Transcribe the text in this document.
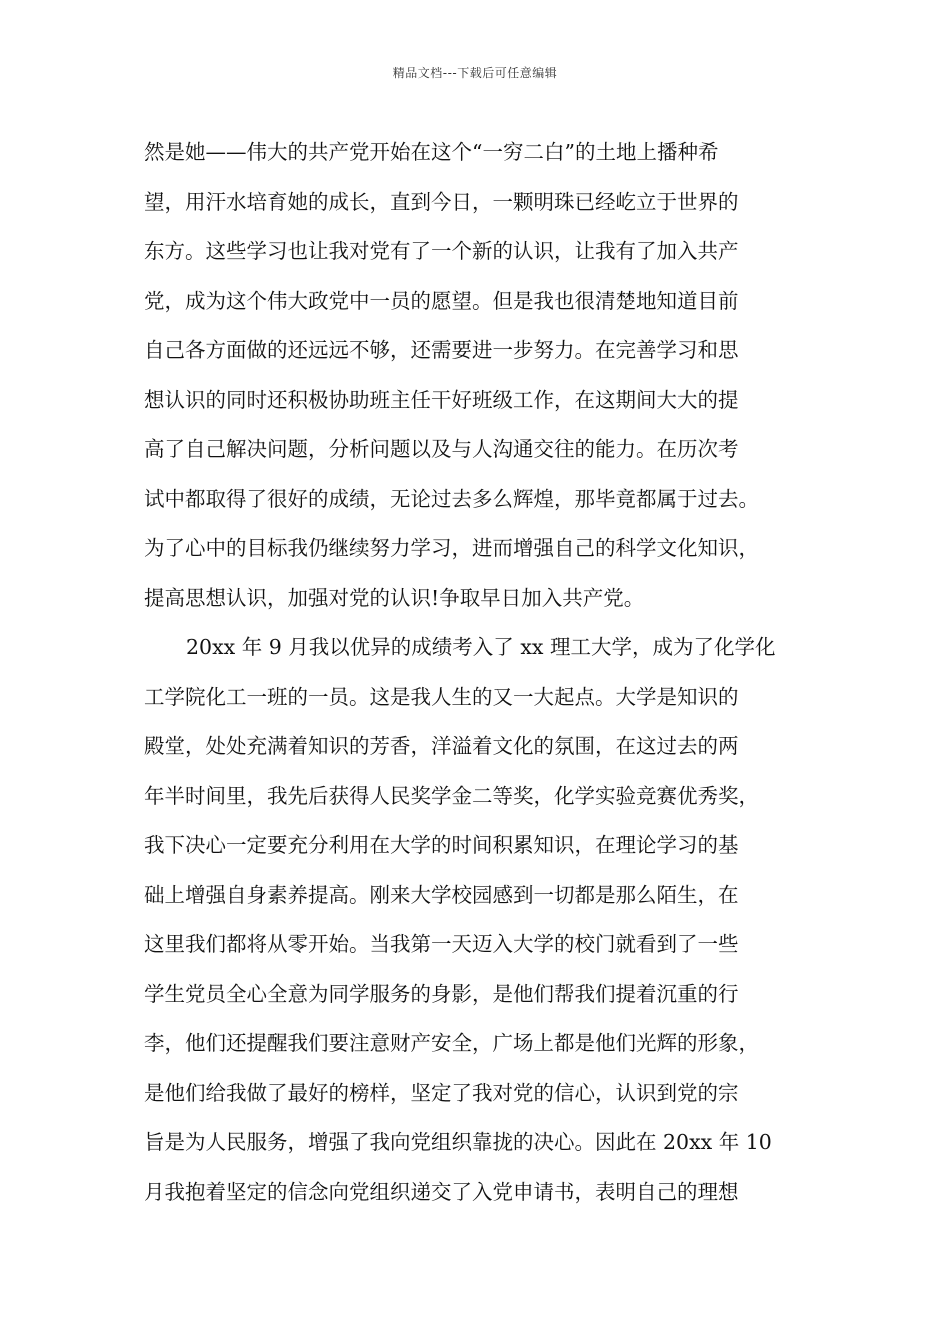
精品文档---下载后可任意编辑
然是她——伟大的共产党开始在这个“一穷二白”的土地上播种希
望，用汗水培育她的成长，直到今日，一颗明珠已经屹立于世界的
东方。这些学习也让我对党有了一个新的认识，让我有了加入共产
党，成为这个伟大政党中一员的愿望。但是我也很清楚地知道目前
自己各方面做的还远远不够，还需要进一步努力。在完善学习和思
想认识的同时还积极协助班主任干好班级工作，在这期间大大的提
高了自己解决问题，分析问题以及与人沟通交往的能力。在历次考
试中都取得了很好的成绩，无论过去多么辉煌，那毕竟都属于过去。
为了心中的目标我仍继续努力学习，进而增强自己的科学文化知识，
提高思想认识，加强对党的认识!争取早日加入共产党。
20xx 年 9 月我以优异的成绩考入了 xx 理工大学，成为了化学化
工学院化工一班的一员。这是我人生的又一大起点。大学是知识的
殿堂，处处充满着知识的芳香，洋溢着文化的氛围，在这过去的两
年半时间里，我先后获得人民奖学金二等奖，化学实验竞赛优秀奖，
我下决心一定要充分利用在大学的时间积累知识，在理论学习的基
础上增强自身素养提高。刚来大学校园感到一切都是那么陌生，在
这里我们都将从零开始。当我第一天迈入大学的校门就看到了一些
学生党员全心全意为同学服务的身影，是他们帮我们提着沉重的行
李，他们还提醒我们要注意财产安全，广场上都是他们光辉的形象，
是他们给我做了最好的榜样，坚定了我对党的信心，认识到党的宗
旨是为人民服务，增强了我向党组织靠拢的决心。因此在 20xx 年 10
月我抱着坚定的信念向党组织递交了入党申请书，表明自己的理想
